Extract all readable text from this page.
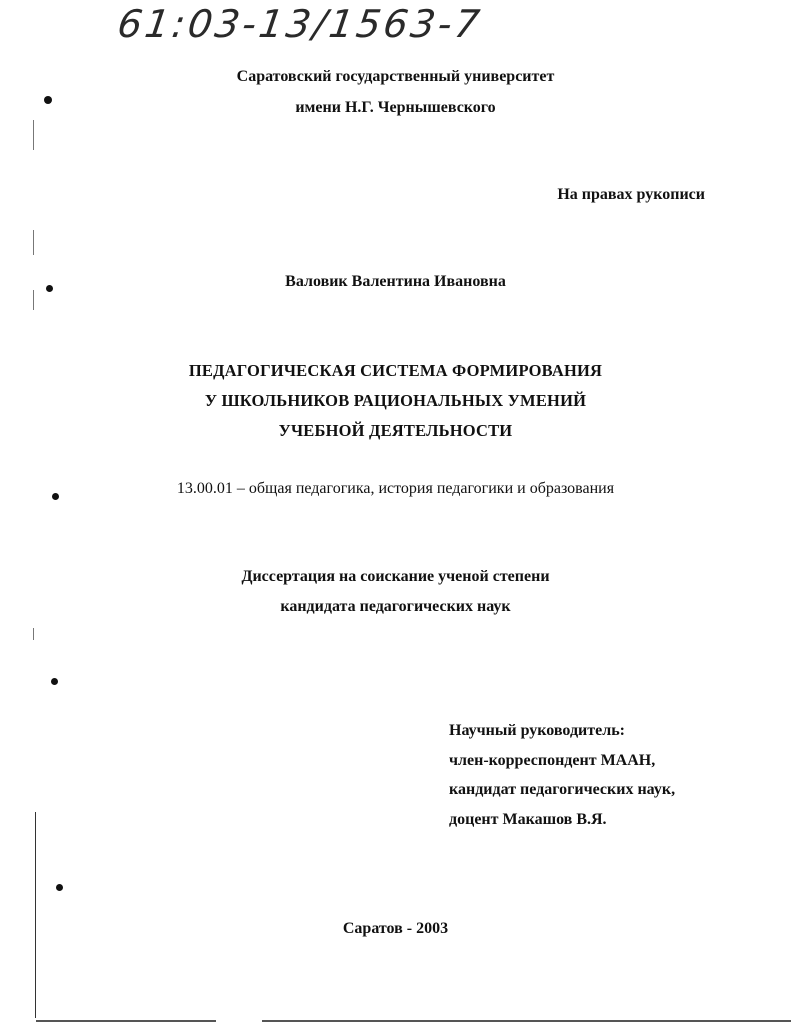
61:03-13/1563-7
Саратовский государственный университет
имени Н.Г. Чернышевского
На правах рукописи
Валовик Валентина Ивановна
ПЕДАГОГИЧЕСКАЯ СИСТЕМА ФОРМИРОВАНИЯ
У ШКОЛЬНИКОВ РАЦИОНАЛЬНЫХ УМЕНИЙ
УЧЕБНОЙ ДЕЯТЕЛЬНОСТИ
13.00.01 – общая педагогика, история педагогики и образования
Диссертация на соискание ученой степени
кандидата педагогических наук
Научный руководитель:
член-корреспондент МААН,
кандидат педагогических наук,
доцент Макашов В.Я.
Саратов - 2003
